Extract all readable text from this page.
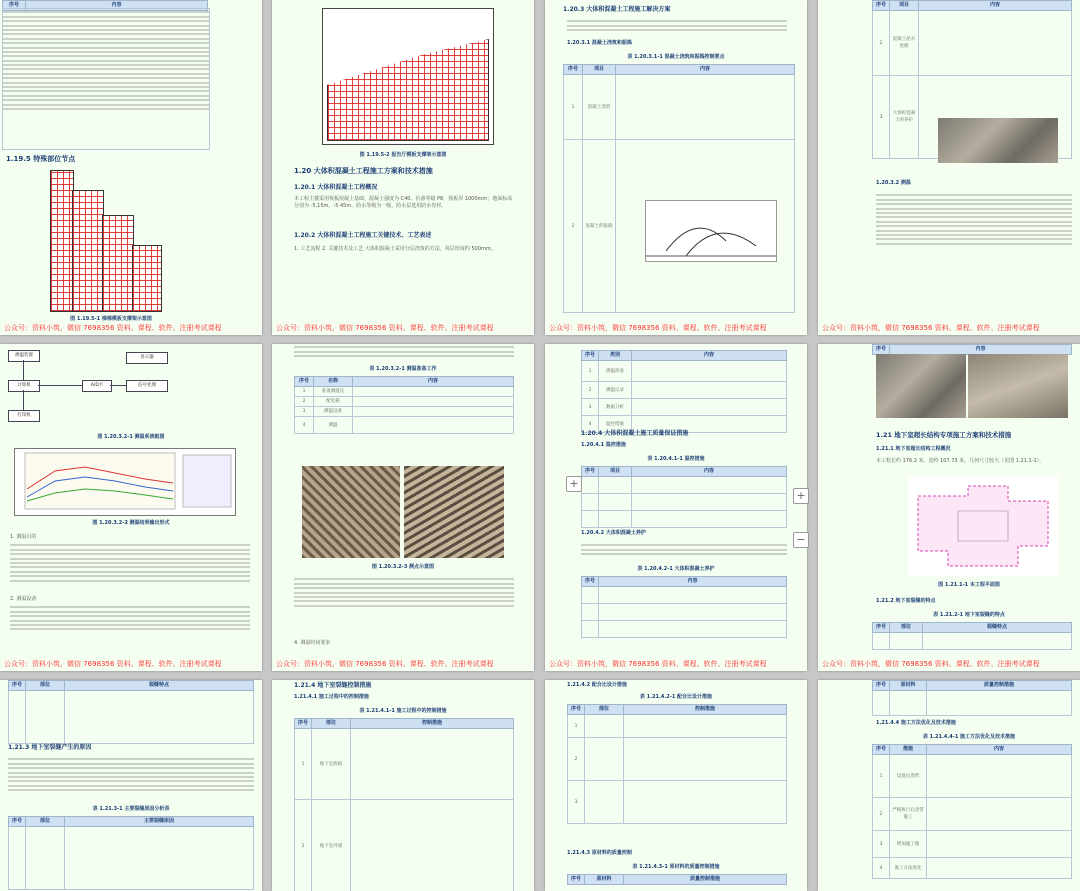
序号	内容
1.19.5 特殊部位节点
图 1.19.5-1 梯梯模板支撑架示意图
公众号：资料小筑，微信 7698356 资料、课程、软件、注册考试课程
图 1.19.5-2 报告厅模板支撑架示意图
1.20 大体积混凝土工程施工方案和技术措施
1.20.1 大体积混凝土工程概况
本工程主楼采用筏板混凝土基础，混凝土强度为 C40、抗渗等级 P8，筏板厚 1000mm；地面标高分别为 -5.15m、-5.45m，防水等级为一级，防水层选用防水卷材。
1.20.2 大体积混凝土工程施工关键技术、工艺表述
1. 工艺流程 2. 关键技术及工艺 大体积混凝土采用分层浇筑的方法，每层厚度约 500mm。
公众号：资料小筑，微信 7698356 资料、课程、软件、注册考试课程
1.20.3 大体积混凝土工程施工解决方案
1.20.3.1 混凝土浇筑和振捣
表 1.20.3.1-1 混凝土浇筑和振捣控制要点
序号	项目	内容
1	混凝土浇筑	
2	混凝土的振捣	
公众号：资料小筑，微信 7698356 资料、课程、软件、注册考试课程
序号	项目	内容
2	混凝土泌水处理	
3	大体积混凝土的养护	
1.20.3.2 测温
公众号：资料小筑，微信 7698356 资料、课程、软件、注册考试课程
测温装置
计算机
打印机
A/D卡	信号处理
显示器
图 1.20.3.2-1 测温系统框图
图 1.20.3.2-2 测温结果输出形式
1. 测温目的
2. 测温设备
公众号：资料小筑，微信 7698356 资料、课程、软件、注册考试课程
表 1.20.3.2-1 测温准备工作
序号	名称	内容
1	准备测温仪	
2	配电箱	
3	测温设备	
4	测温	
图 1.20.3.2-3 测点示意图
4. 测温时间要求
公众号：资料小筑，微信 7698356 资料、课程、软件、注册考试课程
序号	类别	内容
1	测温准备	
2	测温记录	
3	数据分析	
4	温控措施	
1.20.4 大体积混凝土施工质量保证措施
1.20.4.1 温控措施
表 1.20.4.1-1 温控措施
序号	项目	内容

1.20.4.2 大体积混凝土养护
表 1.20.4.2-1 大体积混凝土养护
序号	内容

公众号：资料小筑，微信 7698356 资料、课程、软件、注册考试课程
序号	内容
1.21 地下室超长结构专项施工方案和技术措施
1.21.1 地下室超长结构工程概况
本工程长约 176.2 米，宽约 107.73 米，几何尺寸较大（见图 1.21.1-1）。
图 1.21.1-1 本工程平面图
1.21.2 地下室裂缝的特点
表 1.21.2-1 地下室裂缝的特点
序号	部位	裂缝特点

公众号：资料小筑，微信 7698356 资料、课程、软件、注册考试课程
序号	部位	裂缝特点

1.21.3 地下室裂缝产生的原因
表 1.21.3-1 主要裂缝原因分析表
序号	部位	主要裂缝原因

1.21.4 地下室裂缝控制措施
1.21.4.1 施工过程中的控制措施
表 1.21.4.1-1 施工过程中的控制措施
序号	部位	控制措施
1	地下室底板	
2	地下室外墙	
1.21.4.2 配合比设计措施
表 1.21.4.2-1 配合比设计措施
序号	部位	控制措施
1		
2		
3		
1.21.4.3 原材料的质量控制
表 1.21.4.3-1 原材料的质量控制措施
序号	原材料	质量控制措施
序号	原材料	质量控制措施

1.21.4.4 施工方法优化及技术措施
表 1.21.4.4-1 施工方法优化及技术措施
序号	措施	内容
1	设置后浇带	
2	严格执行后浇带施工	
3	增加施工缝	
4	施工方法优化	
+
+
−
